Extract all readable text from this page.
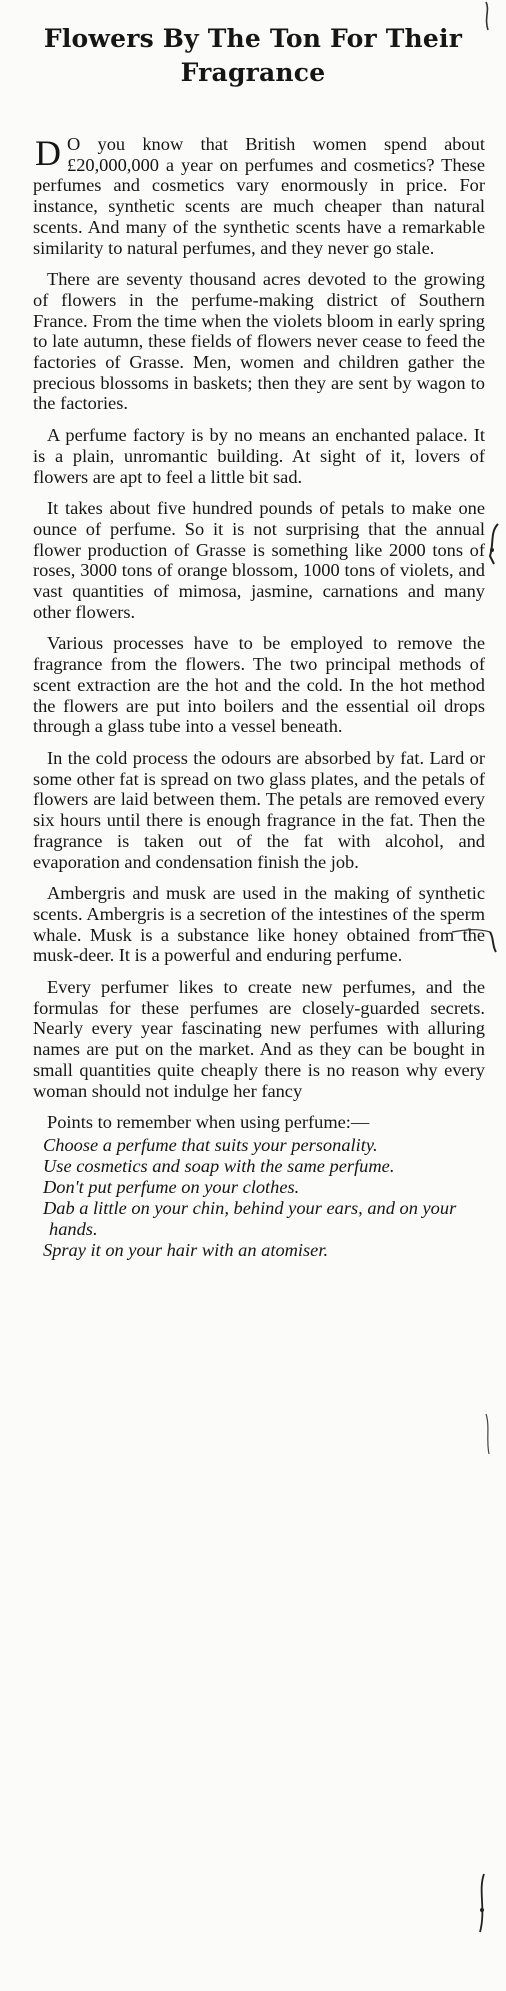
Flowers By The Ton For Their Fragrance

D O you know that British women spend about £20,000,000 a year on perfumes and cosmetics? These perfumes and cosmetics vary enormously in price. For instance, synthetic scents are much cheaper than natural scents. And many of the synthetic scents have a remarkable similarity to natural perfumes, and they never go stale.

There are seventy thousand acres devoted to the growing of flowers in the perfume-making district of Southern France. From the time when the violets bloom in early spring to late autumn, these fields of flowers never cease to feed the factories of Grasse. Men, women and children gather the precious blossoms in baskets; then they are sent by wagon to the factories.

A perfume factory is by no means an enchanted palace. It is a plain, unromantic building. At sight of it, lovers of flowers are apt to feel a little bit sad.

It takes about five hundred pounds of petals to make one ounce of perfume. So it is not surprising that the annual flower production of Grasse is something like 2000 tons of roses, 3000 tons of orange blossom, 1000 tons of violets, and vast quantities of mimosa, jasmine, carnations and many other flowers.

Various processes have to be employed to remove the fragrance from the flowers. The two principal methods of scent extraction are the hot and the cold. In the hot method the flowers are put into boilers and the essential oil drops through a glass tube into a vessel beneath.

In the cold process the odours are absorbed by fat. Lard or some other fat is spread on two glass plates, and the petals of flowers are laid between them. The petals are removed every six hours until there is enough fragrance in the fat. Then the fragrance is taken out of the fat with alcohol, and evaporation and condensation finish the job.

Ambergris and musk are used in the making of synthetic scents. Ambergris is a secretion of the intestines of the sperm whale. Musk is a substance like honey obtained from the musk-deer. It is a powerful and enduring perfume.

Every perfumer likes to create new perfumes, and the formulas for these perfumes are closely-guarded secrets. Nearly every year fascinating new perfumes with alluring names are put on the market. And as they can be bought in small quantities quite cheaply there is no reason why every woman should not indulge her fancy

Points to remember when using perfume:—

Choose a perfume that suits your personality.
Use cosmetics and soap with the same perfume.
Don't put perfume on your clothes.
Dab a little on your chin, behind your ears, and on your hands.
Spray it on your hair with an atomiser.
